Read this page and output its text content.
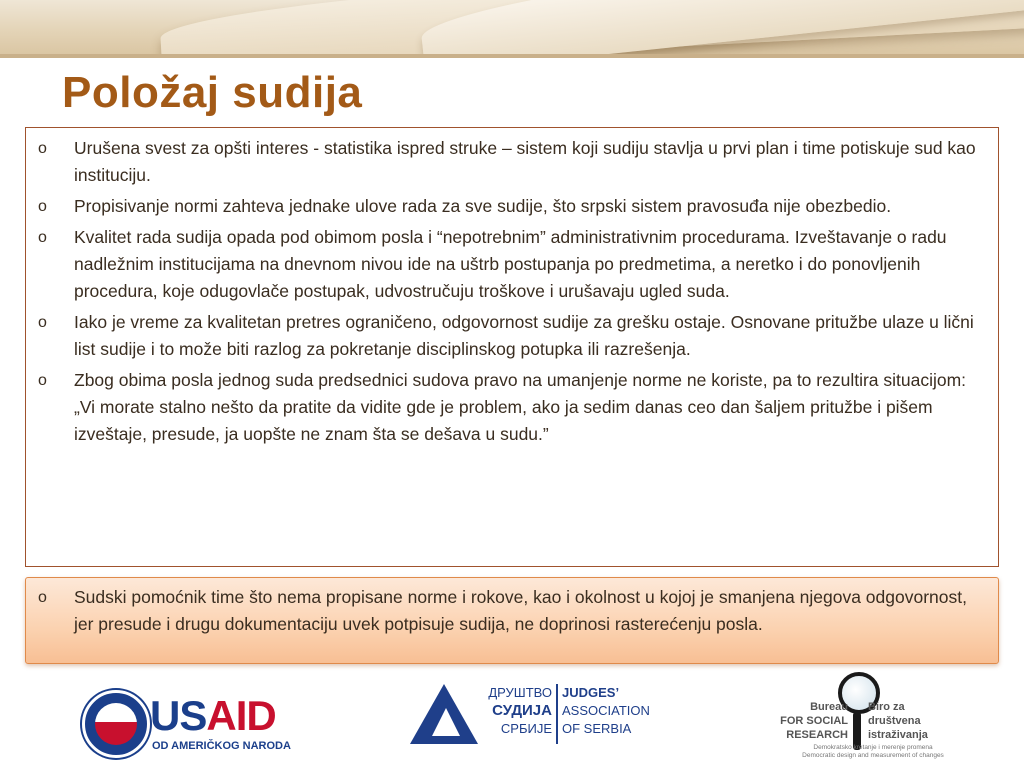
Položaj sudija
o Urušena svest za opšti interes - statistika ispred struke – sistem koji sudiju stavlja u prvi plan i time potiskuje sud kao instituciju.
o Propisivanje normi zahteva jednake ulove rada za sve sudije, što srpski sistem pravosuđa nije obezbedio.
o Kvalitet rada sudija opada pod obimom posla i “nepotrebnim” administrativnim procedurama. Izveštavanje o radu nadležnim institucijama na dnevnom nivou ide na uštrb postupanja po predmetima, a neretko i do ponovljenih procedura, koje odugovlače postupak, udvostručuju troškove i urušavaju ugled suda.
o Iako je vreme za kvalitetan pretres ograničeno, odgovornost sudije za grešku ostaje. Osnovane pritužbe ulaze u lični list sudije i to može biti razlog za pokretanje disciplinskog potupka ili razrešenja.
o Zbog obima posla jednog suda predsednici sudova pravo na umanjenje norme ne koriste, pa to rezultira situacijom: „Vi morate stalno nešto da pratite da vidite gde je problem, ako ja sedim danas ceo dan šaljem pritužbe i pišem izveštaje, presude, ja uopšte ne znam šta se dešava u sudu.”
o Sudski pomoćnik time što nema propisane norme i rokove, kao i okolnost u kojoj je smanjena njegova odgovornost, jer presude i drugu dokumentaciju uvek potpisuje sudija, ne doprinosi rasterećenju posla.
USAID
OD AMERIČKOG NARODA
ДРУШТВО
СУДИЈА
СРБИЈЕ
JUDGES’
ASSOCIATION
OF SERBIA
Bureau
FOR SOCIAL
RESEARCH
Biro za
društvena
istraživanja
Demokratsko kretanje i merenje promena
Democratic design and measurement of changes
